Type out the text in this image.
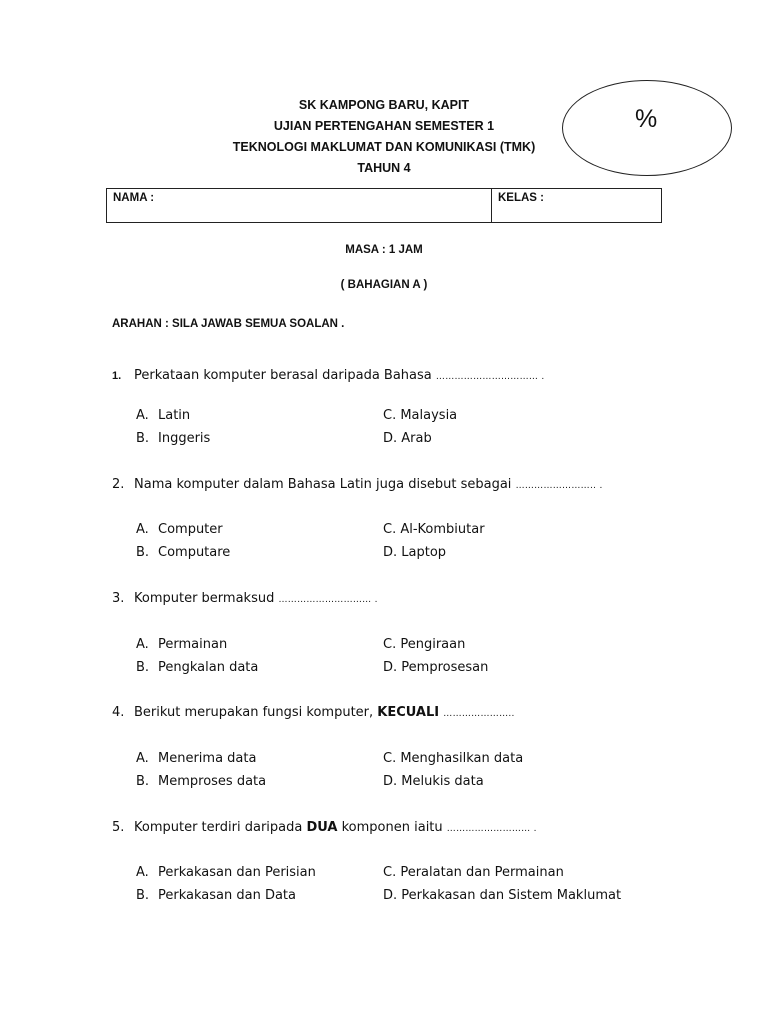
SK KAMPONG BARU, KAPIT
UJIAN PERTENGAHAN SEMESTER 1
TEKNOLOGI MAKLUMAT DAN KOMUNIKASI (TMK)
TAHUN 4
%
NAMA :	KELAS :
MASA : 1 JAM
( BAHAGIAN A )
ARAHAN : SILA JAWAB SEMUA SOALAN .
1. Perkataan komputer berasal daripada Bahasa …………………………… .
A. Latin
B. Inggeris
C. Malaysia
D. Arab
2. Nama komputer dalam Bahasa Latin juga disebut sebagai …………………….. .
A. Computer
B. Computare
C. Al-Kombiutar
D. Laptop
3. Komputer bermaksud ………………………… .
A. Permainan
B. Pengkalan data
C. Pengiraan
D. Pemprosesan
4. Berikut merupakan fungsi komputer, KECUALI …………………..
A. Menerima data
B. Memproses data
C. Menghasilkan data
D. Melukis data
5. Komputer terdiri daripada DUA komponen iaitu ……………………… .
A. Perkakasan dan Perisian
B. Perkakasan dan Data
C. Peralatan dan Permainan
D. Perkakasan dan Sistem Maklumat
